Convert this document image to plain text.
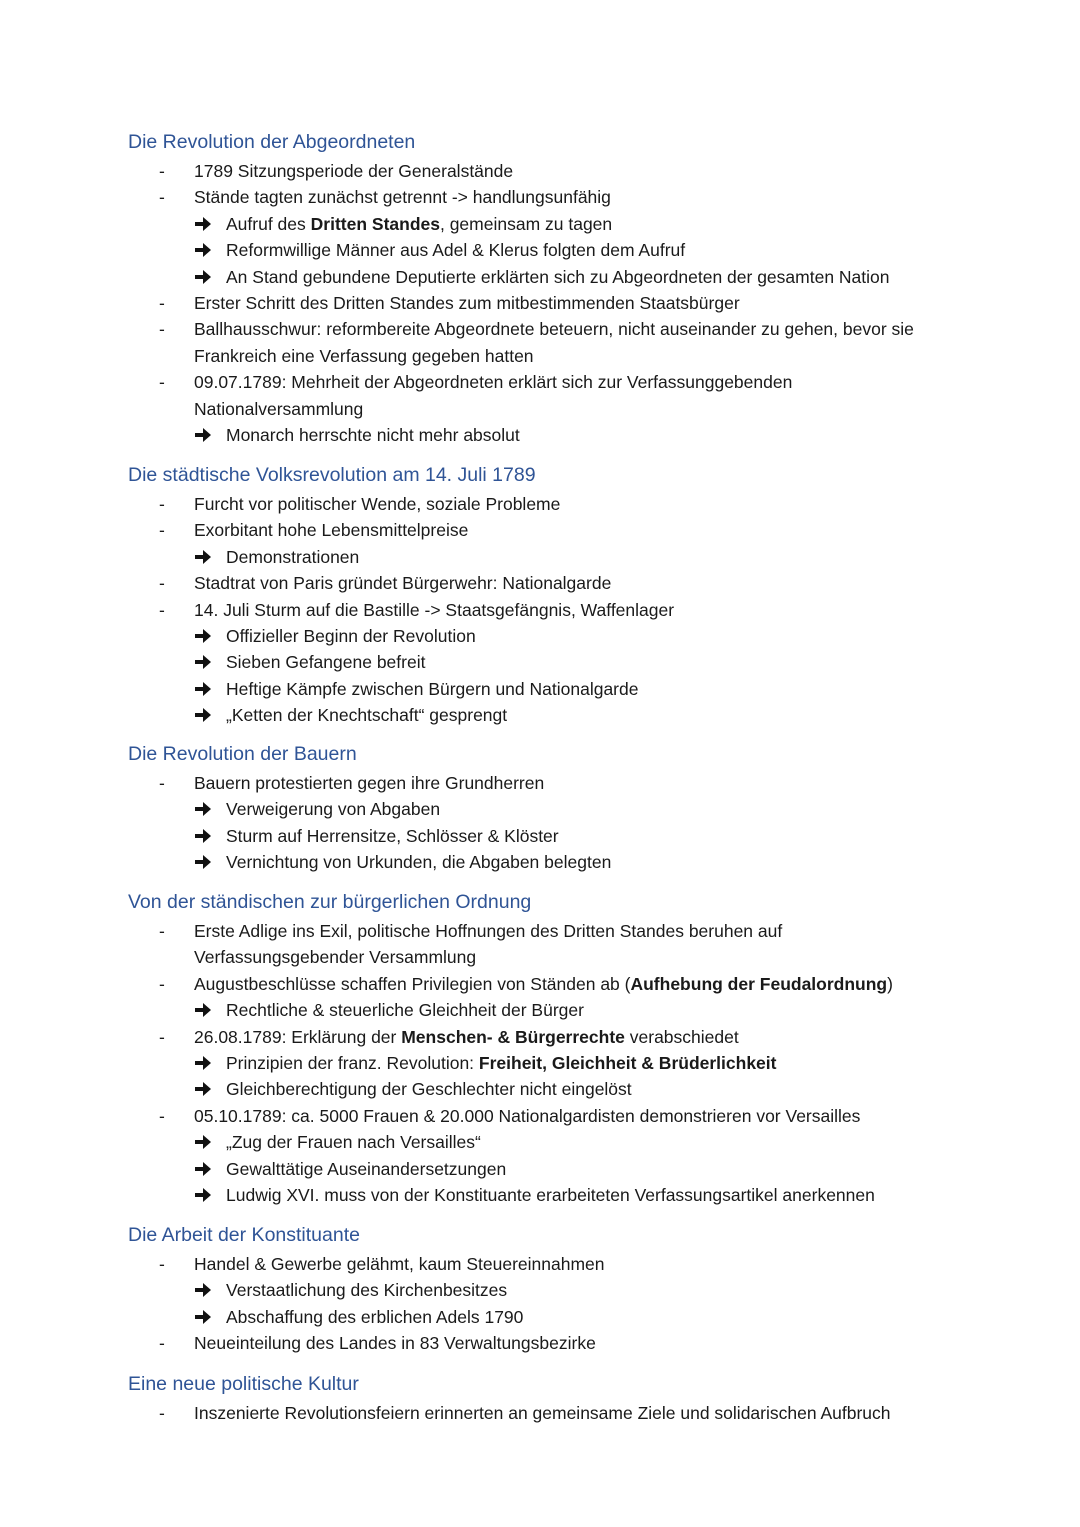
Die Revolution der Abgeordneten
- 1789 Sitzungsperiode der Generalstände
- Stände tagten zunächst getrennt -> handlungsunfähig
Aufruf des Dritten Standes, gemeinsam zu tagen
Reformwillige Männer aus Adel & Klerus folgten dem Aufruf
An Stand gebundene Deputierte erklärten sich zu Abgeordneten der gesamten Nation
- Erster Schritt des Dritten Standes zum mitbestimmenden Staatsbürger
- Ballhausschwur: reformbereite Abgeordnete beteuern, nicht auseinander zu gehen, bevor sie
Frankreich eine Verfassung gegeben hatten
- 09.07.1789: Mehrheit der Abgeordneten erklärt sich zur Verfassunggebenden
Nationalversammlung
Monarch herrschte nicht mehr absolut
Die städtische Volksrevolution am 14. Juli 1789
- Furcht vor politischer Wende, soziale Probleme
- Exorbitant hohe Lebensmittelpreise
Demonstrationen
- Stadtrat von Paris gründet Bürgerwehr: Nationalgarde
- 14. Juli Sturm auf die Bastille -> Staatsgefängnis, Waffenlager
Offizieller Beginn der Revolution
Sieben Gefangene befreit
Heftige Kämpfe zwischen Bürgern und Nationalgarde
„Ketten der Knechtschaft“ gesprengt
Die Revolution der Bauern
- Bauern protestierten gegen ihre Grundherren
Verweigerung von Abgaben
Sturm auf Herrensitze, Schlösser & Klöster
Vernichtung von Urkunden, die Abgaben belegten
Von der ständischen zur bürgerlichen Ordnung
- Erste Adlige ins Exil, politische Hoffnungen des Dritten Standes beruhen auf
Verfassungsgebender Versammlung
- Augustbeschlüsse schaffen Privilegien von Ständen ab (Aufhebung der Feudalordnung)
Rechtliche & steuerliche Gleichheit der Bürger
- 26.08.1789: Erklärung der Menschen- & Bürgerrechte verabschiedet
Prinzipien der franz. Revolution: Freiheit, Gleichheit & Brüderlichkeit
Gleichberechtigung der Geschlechter nicht eingelöst
- 05.10.1789: ca. 5000 Frauen & 20.000 Nationalgardisten demonstrieren vor Versailles
„Zug der Frauen nach Versailles“
Gewalttätige Auseinandersetzungen
Ludwig XVI. muss von der Konstituante erarbeiteten Verfassungsartikel anerkennen
Die Arbeit der Konstituante
- Handel & Gewerbe gelähmt, kaum Steuereinnahmen
Verstaatlichung des Kirchenbesitzes
Abschaffung des erblichen Adels 1790
- Neueinteilung des Landes in 83 Verwaltungsbezirke
Eine neue politische Kultur
- Inszenierte Revolutionsfeiern erinnerten an gemeinsame Ziele und solidarischen Aufbruch
